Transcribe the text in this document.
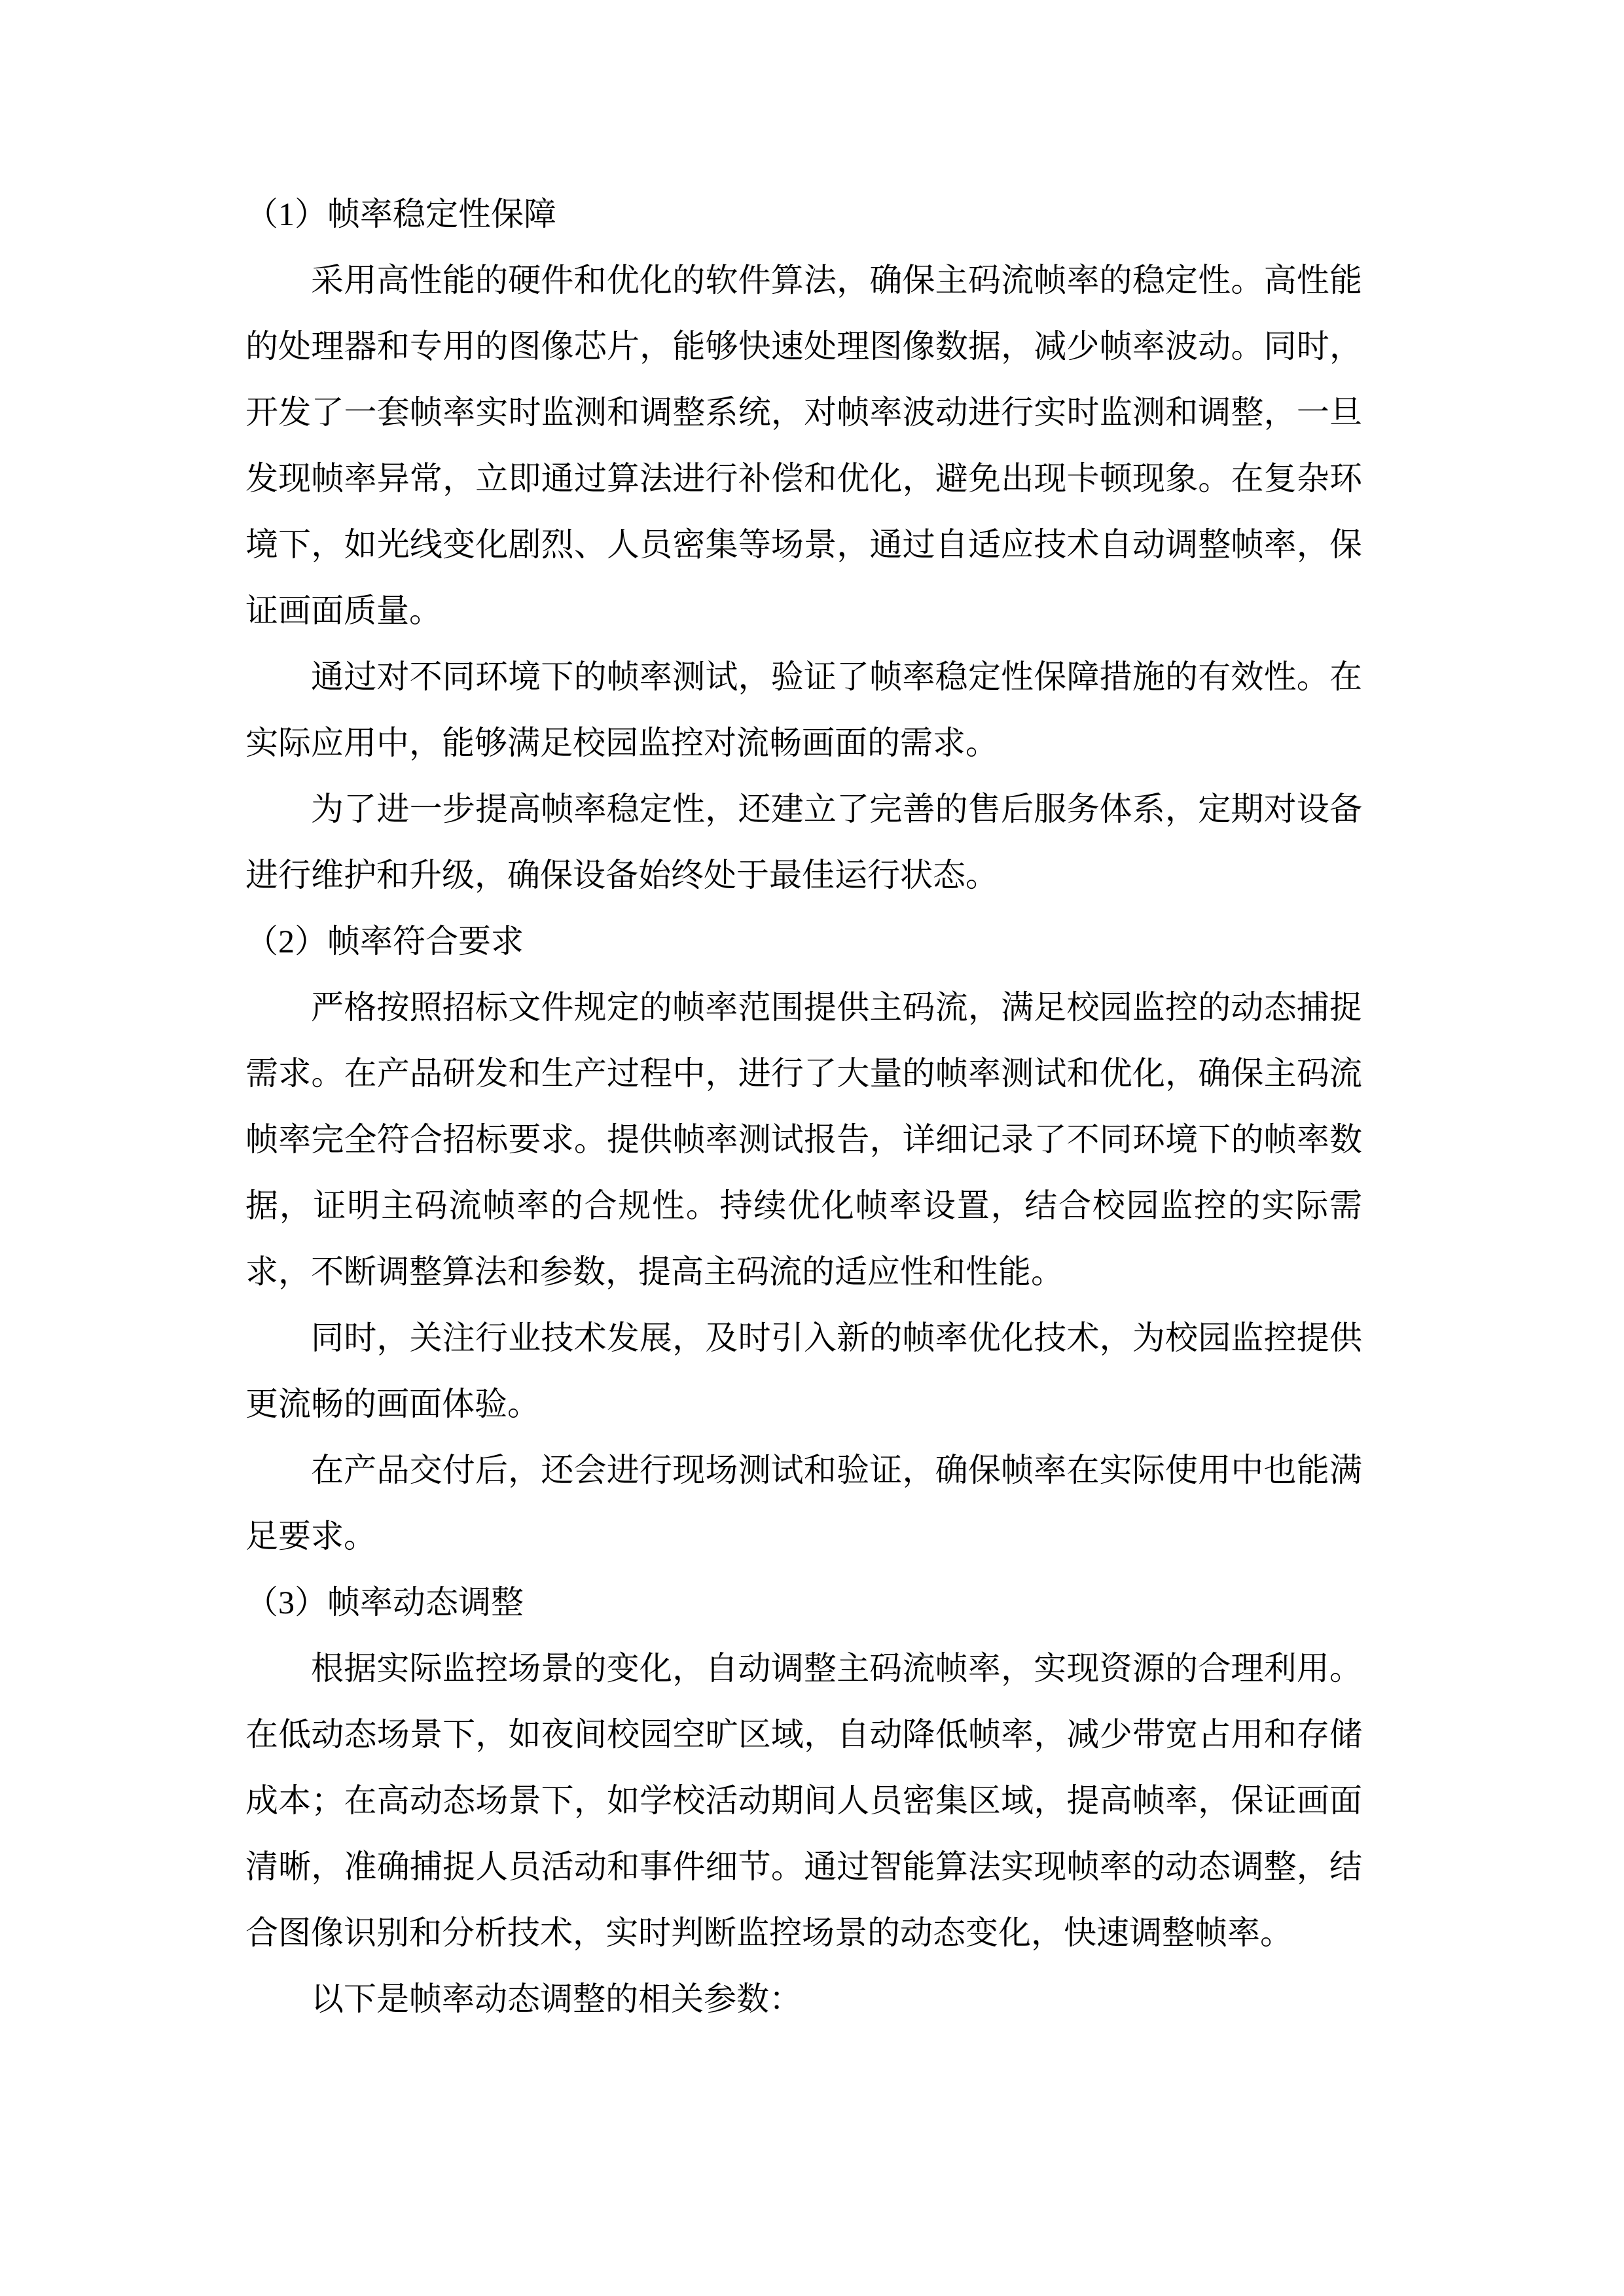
（1）帧率稳定性保障

采用高性能的硬件和优化的软件算法，确保主码流帧率的稳定性。高性能的处理器和专用的图像芯片，能够快速处理图像数据，减少帧率波动。同时，开发了一套帧率实时监测和调整系统，对帧率波动进行实时监测和调整，一旦发现帧率异常，立即通过算法进行补偿和优化，避免出现卡顿现象。在复杂环境下，如光线变化剧烈、人员密集等场景，通过自适应技术自动调整帧率，保证画面质量。

通过对不同环境下的帧率测试，验证了帧率稳定性保障措施的有效性。在实际应用中，能够满足校园监控对流畅画面的需求。

为了进一步提高帧率稳定性，还建立了完善的售后服务体系，定期对设备进行维护和升级，确保设备始终处于最佳运行状态。

（2）帧率符合要求

严格按照招标文件规定的帧率范围提供主码流，满足校园监控的动态捕捉需求。在产品研发和生产过程中，进行了大量的帧率测试和优化，确保主码流帧率完全符合招标要求。提供帧率测试报告，详细记录了不同环境下的帧率数据，证明主码流帧率的合规性。持续优化帧率设置，结合校园监控的实际需求，不断调整算法和参数，提高主码流的适应性和性能。

同时，关注行业技术发展，及时引入新的帧率优化技术，为校园监控提供更流畅的画面体验。

在产品交付后，还会进行现场测试和验证，确保帧率在实际使用中也能满足要求。

（3）帧率动态调整

根据实际监控场景的变化，自动调整主码流帧率，实现资源的合理利用。在低动态场景下，如夜间校园空旷区域，自动降低帧率，减少带宽占用和存储成本；在高动态场景下，如学校活动期间人员密集区域，提高帧率，保证画面清晰，准确捕捉人员活动和事件细节。通过智能算法实现帧率的动态调整，结合图像识别和分析技术，实时判断监控场景的动态变化，快速调整帧率。

以下是帧率动态调整的相关参数：
